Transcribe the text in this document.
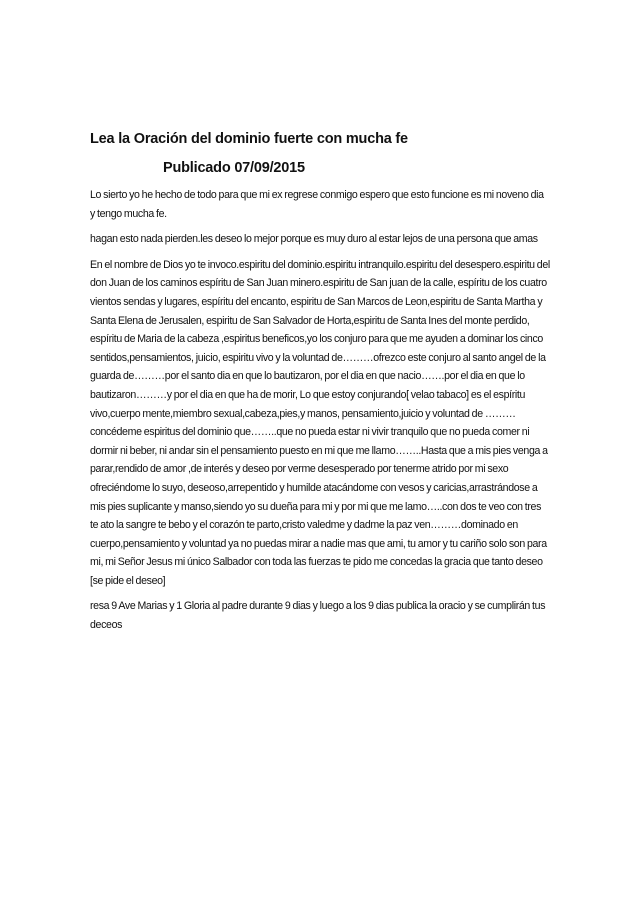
Lea la Oración del dominio fuerte con mucha fe

Publicado 07/09/2015

Lo sierto yo he hecho de todo para que mi ex regrese conmigo espero que esto funcione es mi noveno dia y tengo mucha fe.

hagan esto nada pierden.les deseo lo mejor porque es muy duro al estar lejos de una persona que amas

En el nombre de Dios yo te invoco.espiritu del dominio.espiritu intranquilo.espiritu del desespero.espiritu del don Juan de los caminos espíritu de San Juan minero.espiritu de San juan de la calle, espíritu de los cuatro vientos sendas y lugares, espíritu del encanto, espiritu de San Marcos de Leon,espiritu de Santa Martha y Santa Elena de Jerusalen, espiritu de San Salvador de Horta,espiritu de Santa Ines del monte perdido, espíritu de Maria de la cabeza ,espiritus beneficos,yo los conjuro para que me ayuden a dominar los cinco sentidos,pensamientos, juicio, espiritu vivo y la voluntad de………ofrezco este conjuro al santo angel de la guarda de………por el santo dia en que lo bautizaron, por el dia en que nacio…….por el dia en que lo bautizaron………y por el dia en que ha de morir, Lo que estoy conjurando[ velao tabaco] es el espíritu vivo,cuerpo mente,miembro sexual,cabeza,pies,y manos, pensamiento,juicio y voluntad de ………concédeme espiritus del dominio que……..que no pueda estar ni vivir tranquilo que no pueda comer ni dormir ni beber, ni andar sin el pensamiento puesto en mi que me llamo……..Hasta que a mis pies venga a parar,rendido de amor ,de interés y deseo por verme desesperado por tenerme atrido por mi sexo ofreciéndome lo suyo, deseoso,arrepentido y humilde atacándome con vesos y caricias,arrastrándose a mis pies suplicante y manso,siendo yo su dueña para mi y por mi que me lamo…..con dos te veo con tres te ato la sangre te bebo y el corazón te parto,cristo valedme y dadme la paz ven………dominado en cuerpo,pensamiento y voluntad ya no puedas mirar a nadie mas que ami, tu amor y tu cariño solo son para mi, mi Señor Jesus mi único Salbador con toda las fuerzas te pido me concedas la gracia que tanto deseo [se pide el deseo]

resa 9 Ave Marias y 1 Gloria al padre durante 9 dias y luego a los 9 dias publica la oracio y se cumplirán tus deceos
